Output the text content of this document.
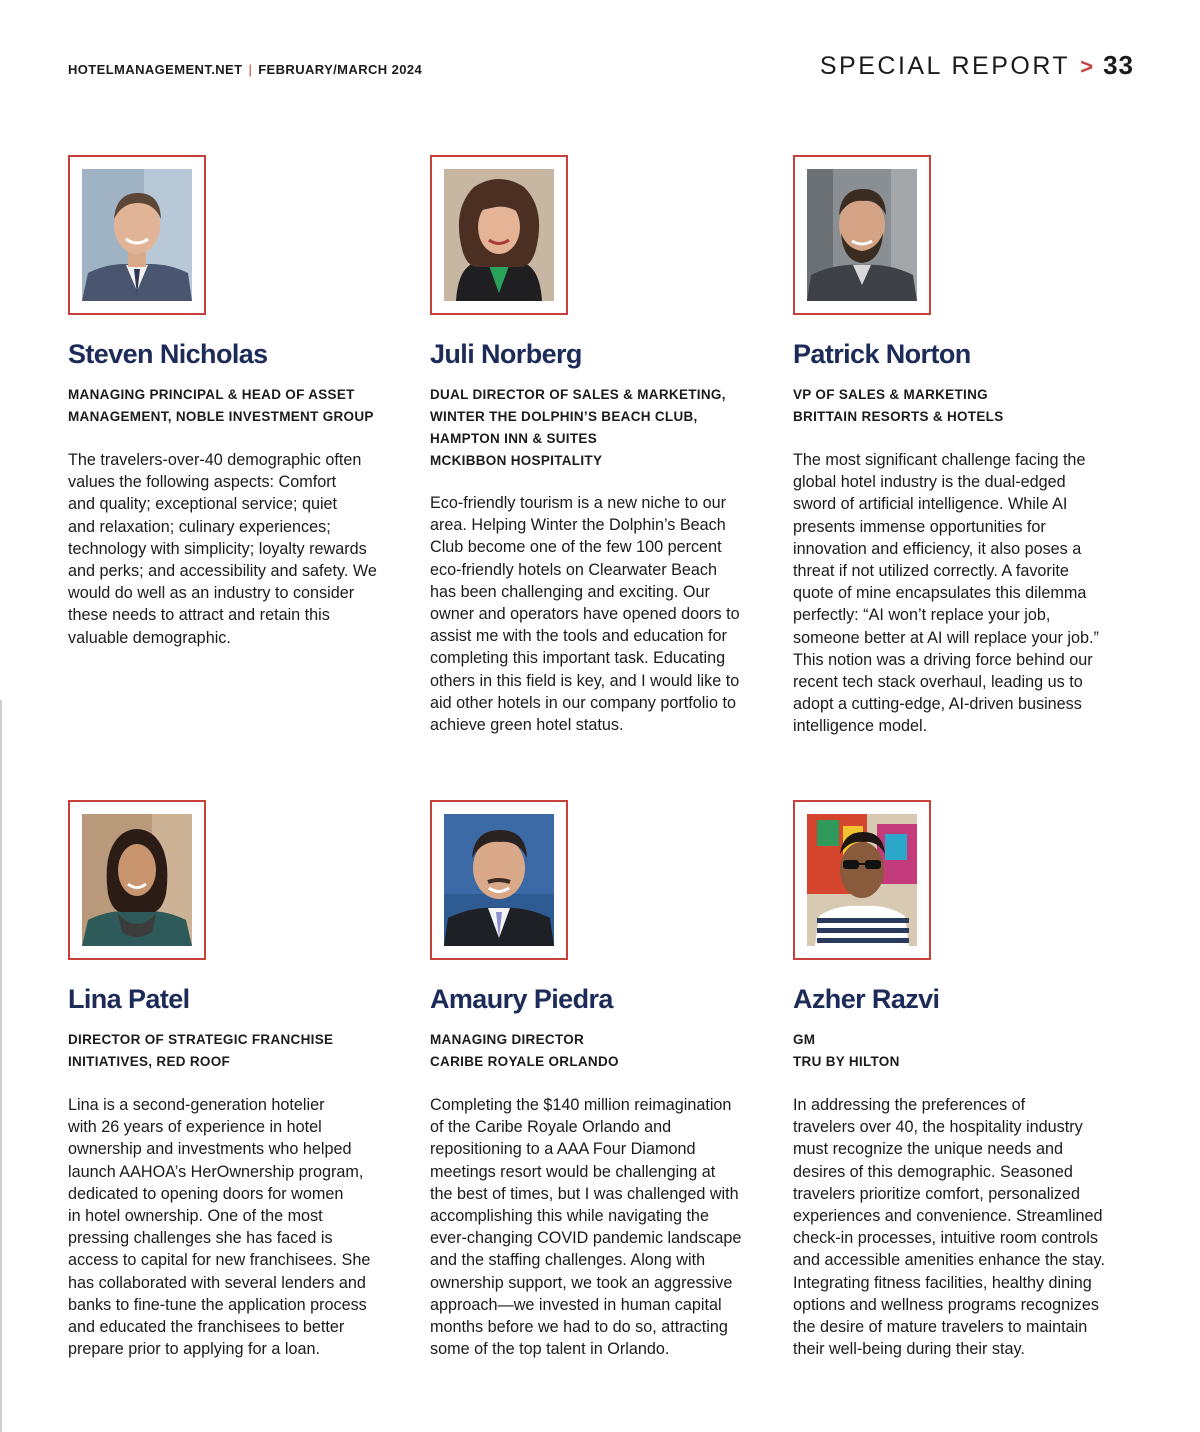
HOTELMANAGEMENT.NET | FEBRUARY/MARCH 2024	SPECIAL REPORT > 33
Steven Nicholas
MANAGING PRINCIPAL & HEAD OF ASSET
MANAGEMENT, NOBLE INVESTMENT GROUP

The travelers-over-40 demographic often
values the following aspects: Comfort
and quality; exceptional service; quiet
and relaxation; culinary experiences;
technology with simplicity; loyalty rewards
and perks; and accessibility and safety. We
would do well as an industry to consider
these needs to attract and retain this
valuable demographic.

Juli Norberg
DUAL DIRECTOR OF SALES & MARKETING,
WINTER THE DOLPHIN’S BEACH CLUB,
HAMPTON INN & SUITES
MCKIBBON HOSPITALITY

Eco-friendly tourism is a new niche to our
area. Helping Winter the Dolphin’s Beach
Club become one of the few 100 percent
eco-friendly hotels on Clearwater Beach
has been challenging and exciting. Our
owner and operators have opened doors to
assist me with the tools and education for
completing this important task. Educating
others in this field is key, and I would like to
aid other hotels in our company portfolio to
achieve green hotel status.

Patrick Norton
VP OF SALES & MARKETING
BRITTAIN RESORTS & HOTELS

The most significant challenge facing the
global hotel industry is the dual-edged
sword of artificial intelligence. While AI
presents immense opportunities for
innovation and efficiency, it also poses a
threat if not utilized correctly. A favorite
quote of mine encapsulates this dilemma
perfectly: “AI won’t replace your job,
someone better at AI will replace your job.”
This notion was a driving force behind our
recent tech stack overhaul, leading us to
adopt a cutting-edge, AI-driven business
intelligence model.

Lina Patel
DIRECTOR OF STRATEGIC FRANCHISE
INITIATIVES, RED ROOF

Lina is a second-generation hotelier
with 26 years of experience in hotel
ownership and investments who helped
launch AAHOA’s HerOwnership program,
dedicated to opening doors for women
in hotel ownership. One of the most
pressing challenges she has faced is
access to capital for new franchisees. She
has collaborated with several lenders and
banks to fine-tune the application process
and educated the franchisees to better
prepare prior to applying for a loan.

Amaury Piedra
MANAGING DIRECTOR
CARIBE ROYALE ORLANDO

Completing the $140 million reimagination
of the Caribe Royale Orlando and
repositioning to a AAA Four Diamond
meetings resort would be challenging at
the best of times, but I was challenged with
accomplishing this while navigating the
ever-changing COVID pandemic landscape
and the staffing challenges. Along with
ownership support, we took an aggressive
approach—we invested in human capital
months before we had to do so, attracting
some of the top talent in Orlando.

Azher Razvi
GM
TRU BY HILTON

In addressing the preferences of
travelers over 40, the hospitality industry
must recognize the unique needs and
desires of this demographic. Seasoned
travelers prioritize comfort, personalized
experiences and convenience. Streamlined
check-in processes, intuitive room controls
and accessible amenities enhance the stay.
Integrating fitness facilities, healthy dining
options and wellness programs recognizes
the desire of mature travelers to maintain
their well-being during their stay.
